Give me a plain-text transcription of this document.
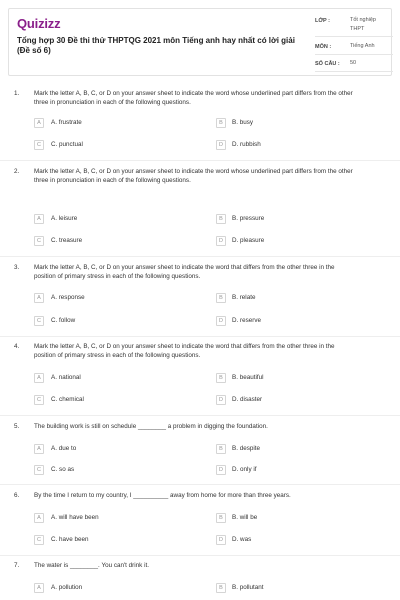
Quizizz
Tổng hợp 30 Đề thi thử THPTQG 2021 môn Tiếng anh hay nhất có lời giải (Đề số 6)
LỚP :	Tốt nghiệp
THPT
MÔN :	Tiếng Anh
SỐ CÂU : 50
1. Mark the letter A, B, C, or D on your answer sheet to indicate the word whose underlined part differs from the other
three in pronunciation in each of the following questions.
A	A. frustrate	B	B. busy
C	C. punctual	D	D. rubbish
2. Mark the letter A, B, C, or D on your answer sheet to indicate the word whose underlined part differs from the other
three in pronunciation in each of the following questions.
A	A. leisure	B	B. pressure
C	C. treasure	D	D. pleasure
3. Mark the letter A, B, C, or D on your answer sheet to indicate the word that differs from the other three in the
position of primary stress in each of the following questions.
A	A. response	B	B. relate
C	C. follow	D	D. reserve
4. Mark the letter A, B, C, or D on your answer sheet to indicate the word that differs from the other three in the
position of primary stress in each of the following questions.
A	A. national	B	B. beautiful
C	C. chemical	D	D. disaster
5. The building work is still on schedule ________ a problem in digging the foundation.
A	A. due to	B	B. despite
C	C. so as	D	D. only if
6. By the time I return to my country, I __________ away from home for more than three years.
A	A. will have been	B	B. will be
C	C. have been	D	D. was
7. The water is ________. You can't drink it.
A	A. pollution	B	B. pollutant
